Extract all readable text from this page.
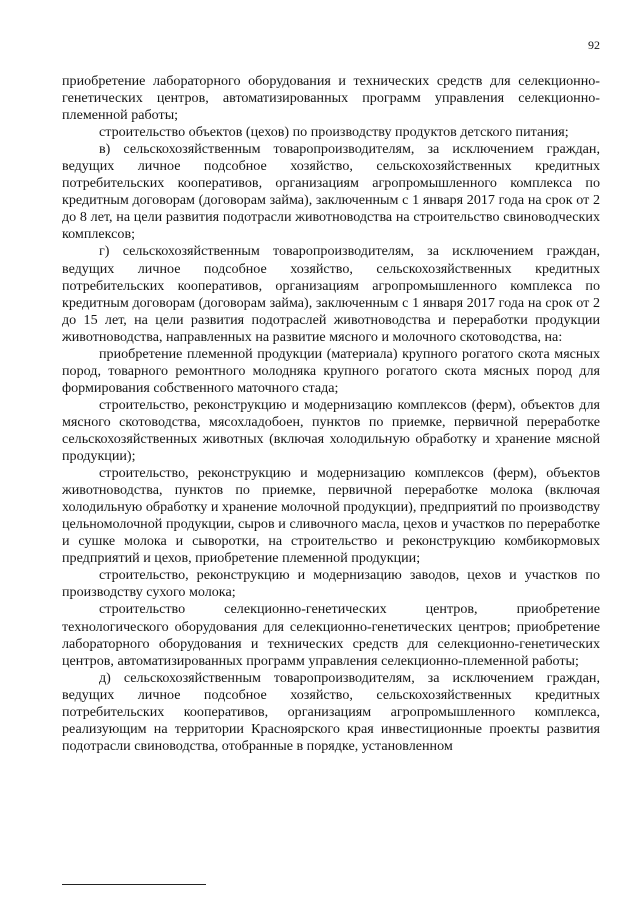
92

приобретение лабораторного оборудования и технических средств для селекционно-генетических центров, автоматизированных программ управления селекционно-племенной работы;

строительство объектов (цехов) по производству продуктов детского питания;

в) сельскохозяйственным товаропроизводителям, за исключением граждан, ведущих личное подсобное хозяйство, сельскохозяйственных кредитных потребительских кооперативов, организациям агропромышленного комплекса по кредитным договорам (договорам займа), заключенным с 1 января 2017 года на срок от 2 до 8 лет, на цели развития подотрасли животноводства на строительство свиноводческих комплексов;

г) сельскохозяйственным товаропроизводителям, за исключением граждан, ведущих личное подсобное хозяйство, сельскохозяйственных кредитных потребительских кооперативов, организациям агропромышленного комплекса по кредитным договорам (договорам займа), заключенным с 1 января 2017 года на срок от 2 до 15 лет, на цели развития подотраслей животноводства и переработки продукции животноводства, направленных на развитие мясного и молочного скотоводства, на:

приобретение племенной продукции (материала) крупного рогатого скота мясных пород, товарного ремонтного молодняка крупного рогатого скота мясных пород для формирования собственного маточного стада;

строительство, реконструкцию и модернизацию комплексов (ферм), объектов для мясного скотоводства, мясохладобоен, пунктов по приемке, первичной переработке сельскохозяйственных животных (включая холодильную обработку и хранение мясной продукции);

строительство, реконструкцию и модернизацию комплексов (ферм), объектов животноводства, пунктов по приемке, первичной переработке молока (включая холодильную обработку и хранение молочной продукции), предприятий по производству цельномолочной продукции, сыров и сливочного масла, цехов и участков по переработке и сушке молока и сыворотки, на строительство и реконструкцию комбикормовых предприятий и цехов, приобретение племенной продукции;

строительство, реконструкцию и модернизацию заводов, цехов и участков по производству сухого молока;

строительство селекционно-генетических центров, приобретение технологического оборудования для селекционно-генетических центров; приобретение лабораторного оборудования и технических средств для селекционно-генетических центров, автоматизированных программ управления селекционно-племенной работы;

д) сельскохозяйственным товаропроизводителям, за исключением граждан, ведущих личное подсобное хозяйство, сельскохозяйственных кредитных потребительских кооперативов, организациям агропромышленного комплекса, реализующим на территории Красноярского края инвестиционные проекты развития подотрасли свиноводства, отобранные в порядке, установленном
